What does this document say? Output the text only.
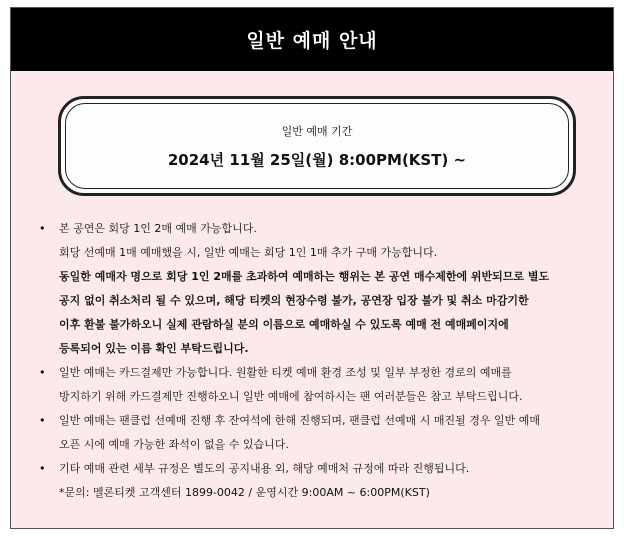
일반 예매 안내
일반 예매 기간
2024년 11월 25일(월) 8:00PM(KST) ~
• 본 공연은 회당 1인 2매 예매 가능합니다.
회당 선예매 1매 예매했을 시, 일반 예매는 회당 1인 1매 추가 구매 가능합니다.
동일한 예매자 명으로 회당 1인 2매를 초과하여 예매하는 행위는 본 공연 매수제한에 위반되므로 별도
공지 없이 취소처리 될 수 있으며, 해당 티켓의 현장수령 불가, 공연장 입장 불가 및 취소 마감기한
이후 환불 불가하오니 실제 관람하실 분의 이름으로 예매하실 수 있도록 예매 전 예매페이지에
등록되어 있는 이름 확인 부탁드립니다.
• 일반 예매는 카드결제만 가능합니다. 원활한 티켓 예매 환경 조성 및 일부 부정한 경로의 예매를
방지하기 위해 카드결제만 진행하오니 일반 예매에 참여하시는 팬 여러분들은 참고 부탁드립니다.
• 일반 예매는 팬클럽 선예매 진행 후 잔여석에 한해 진행되며, 팬클럽 선예매 시 매진될 경우 일반 예매
오픈 시에 예매 가능한 좌석이 없을 수 있습니다.
• 기타 예매 관련 세부 규정은 별도의 공지내용 외, 해당 예매처 규정에 따라 진행됩니다.
*문의: 멜론티켓 고객센터 1899-0042 / 운영시간 9:00AM ~ 6:00PM(KST)
